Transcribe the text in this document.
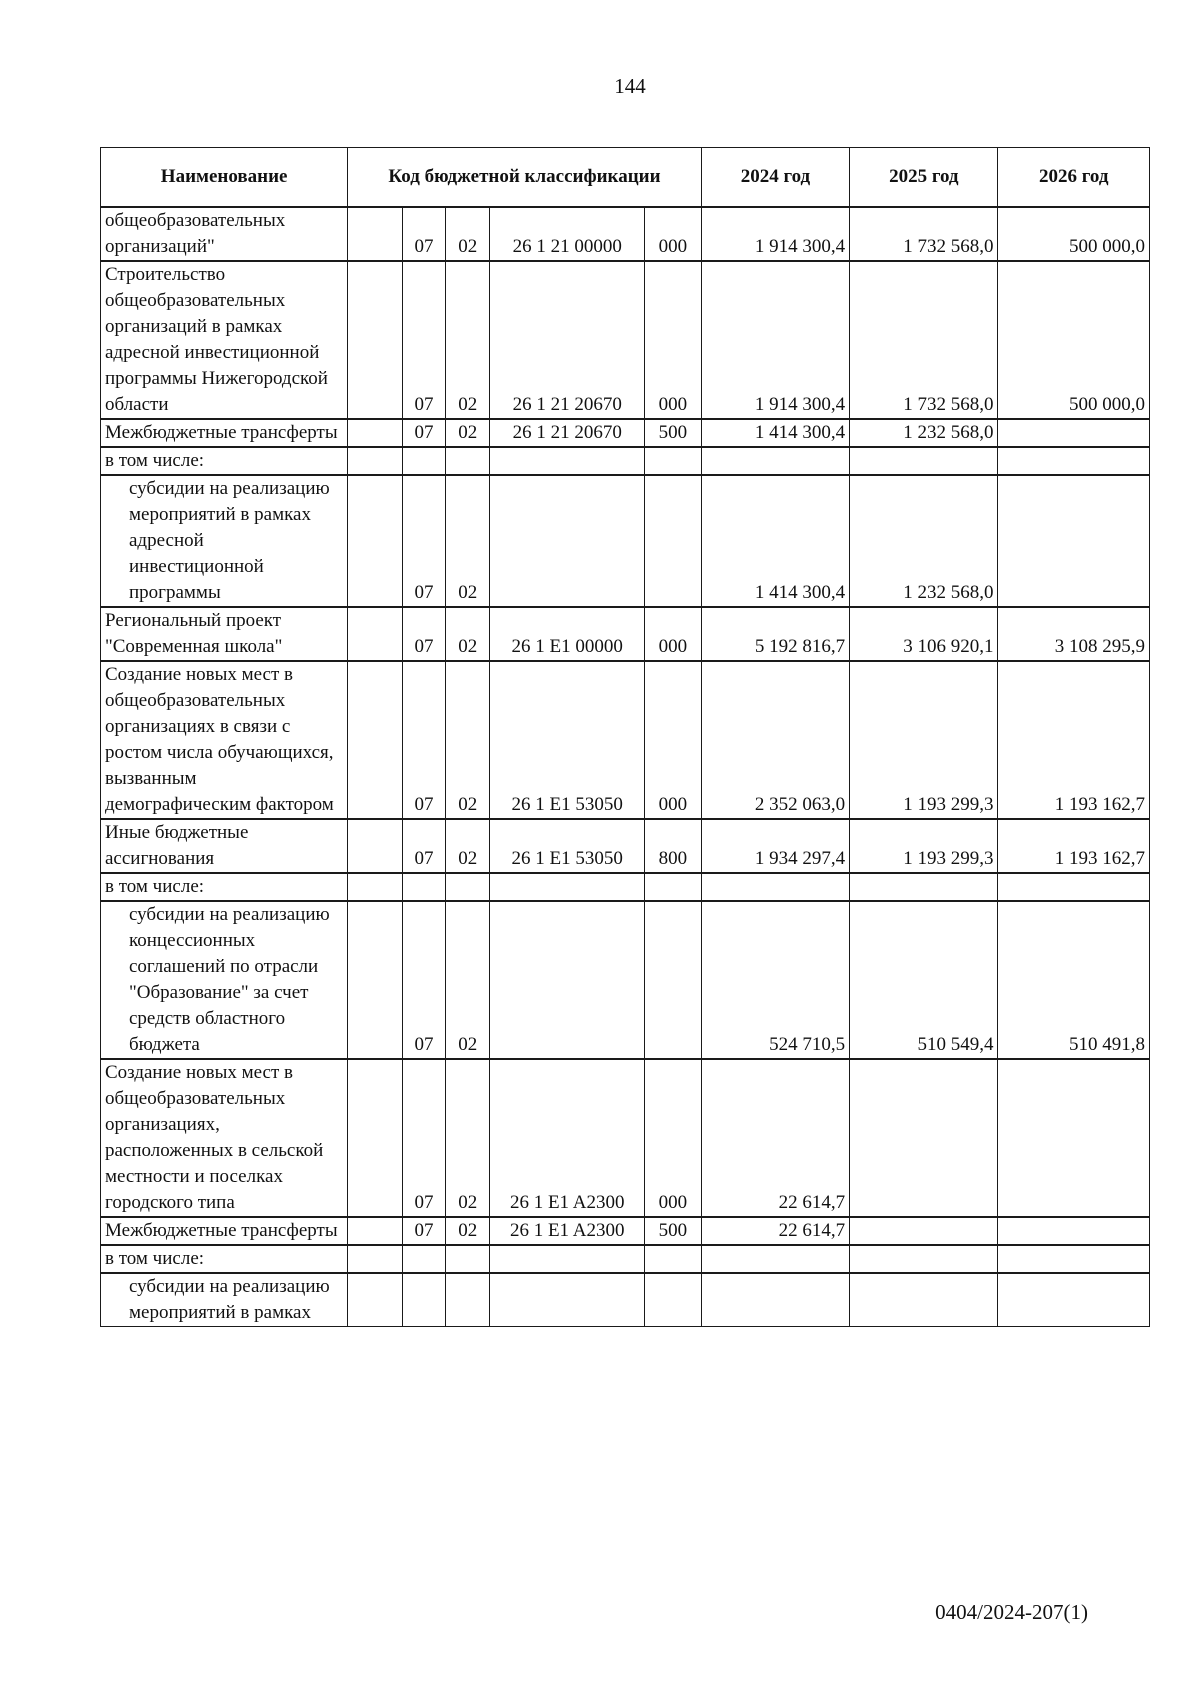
144
Наименование	Код бюджетной классификации					2024 год	2025 год	2026 год
общеобразовательных организаций"		07	02	26 1 21 00000	000	1 914 300,4	1 732 568,0	500 000,0
Строительство общеобразовательных организаций в рамках адресной инвестиционной программы Нижегородской области		07	02	26 1 21 20670	000	1 914 300,4	1 732 568,0	500 000,0
Межбюджетные трансферты		07	02	26 1 21 20670	500	1 414 300,4	1 232 568,0	
в том числе:								
субсидии на реализацию мероприятий в рамках адресной инвестиционной программы		07	02			1 414 300,4	1 232 568,0	
Региональный проект "Современная школа"		07	02	26 1 E1 00000	000	5 192 816,7	3 106 920,1	3 108 295,9
Создание новых мест в общеобразовательных организациях в связи с ростом числа обучающихся, вызванным демографическим фактором		07	02	26 1 E1 53050	000	2 352 063,0	1 193 299,3	1 193 162,7
Иные бюджетные ассигнования		07	02	26 1 E1 53050	800	1 934 297,4	1 193 299,3	1 193 162,7
в том числе:								
субсидии на реализацию концессионных соглашений по отрасли "Образование" за счет средств областного бюджета		07	02			524 710,5	510 549,4	510 491,8
Создание новых мест в общеобразовательных организациях, расположенных в сельской местности и поселках городского типа		07	02	26 1 E1 A2300	000	22 614,7		
Межбюджетные трансферты		07	02	26 1 E1 A2300	500	22 614,7		
в том числе:								
субсидии на реализацию мероприятий в рамках								
0404/2024-207(1)
